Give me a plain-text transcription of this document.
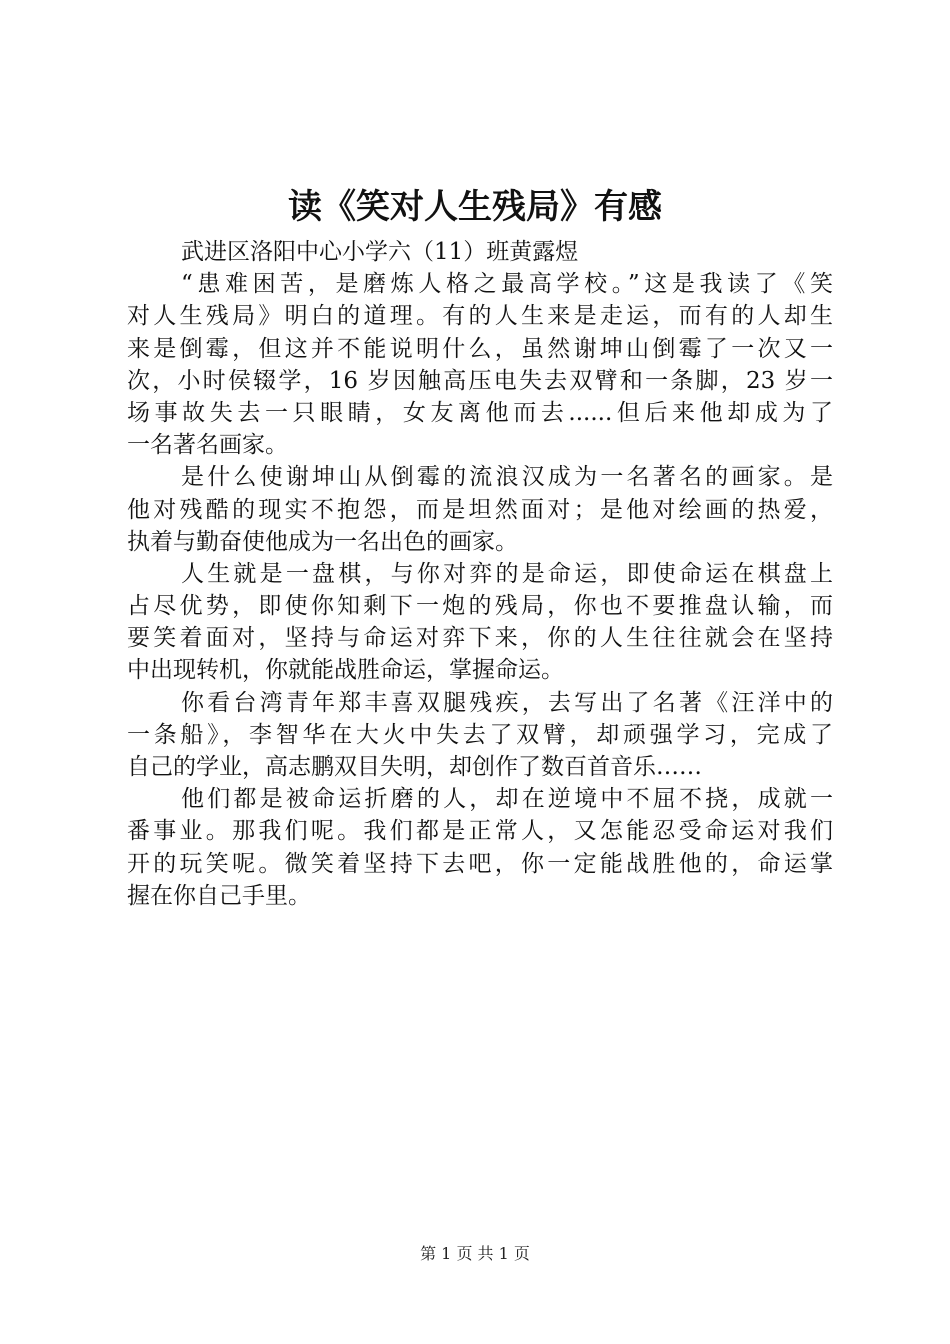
读《笑对人生残局》有感
武进区洛阳中心小学六（11）班黄露煜
“患难困苦，是磨炼人格之最高学校。”这是我读了《笑
对人生残局》明白的道理。有的人生来是走运，而有的人却生
来是倒霉，但这并不能说明什么，虽然谢坤山倒霉了一次又一
次，小时侯辍学，16 岁因触高压电失去双臂和一条脚，23 岁一
场事故失去一只眼睛，女友离他而去......但后来他却成为了
一名著名画家。
是什么使谢坤山从倒霉的流浪汉成为一名著名的画家。是
他对残酷的现实不抱怨，而是坦然面对；是他对绘画的热爱，
执着与勤奋使他成为一名出色的画家。
人生就是一盘棋，与你对弈的是命运，即使命运在棋盘上
占尽优势，即使你知剩下一炮的残局，你也不要推盘认输，而
要笑着面对，坚持与命运对弈下来，你的人生往往就会在坚持
中出现转机，你就能战胜命运，掌握命运。
你看台湾青年郑丰喜双腿残疾，去写出了名著《汪洋中的
一条船》，李智华在大火中失去了双臂，却顽强学习，完成了
自己的学业，高志鹏双目失明，却创作了数百首音乐……
他们都是被命运折磨的人，却在逆境中不屈不挠，成就一
番事业。那我们呢。我们都是正常人，又怎能忍受命运对我们
开的玩笑呢。微笑着坚持下去吧，你一定能战胜他的，命运掌
握在你自己手里。
第 1 页 共 1 页
